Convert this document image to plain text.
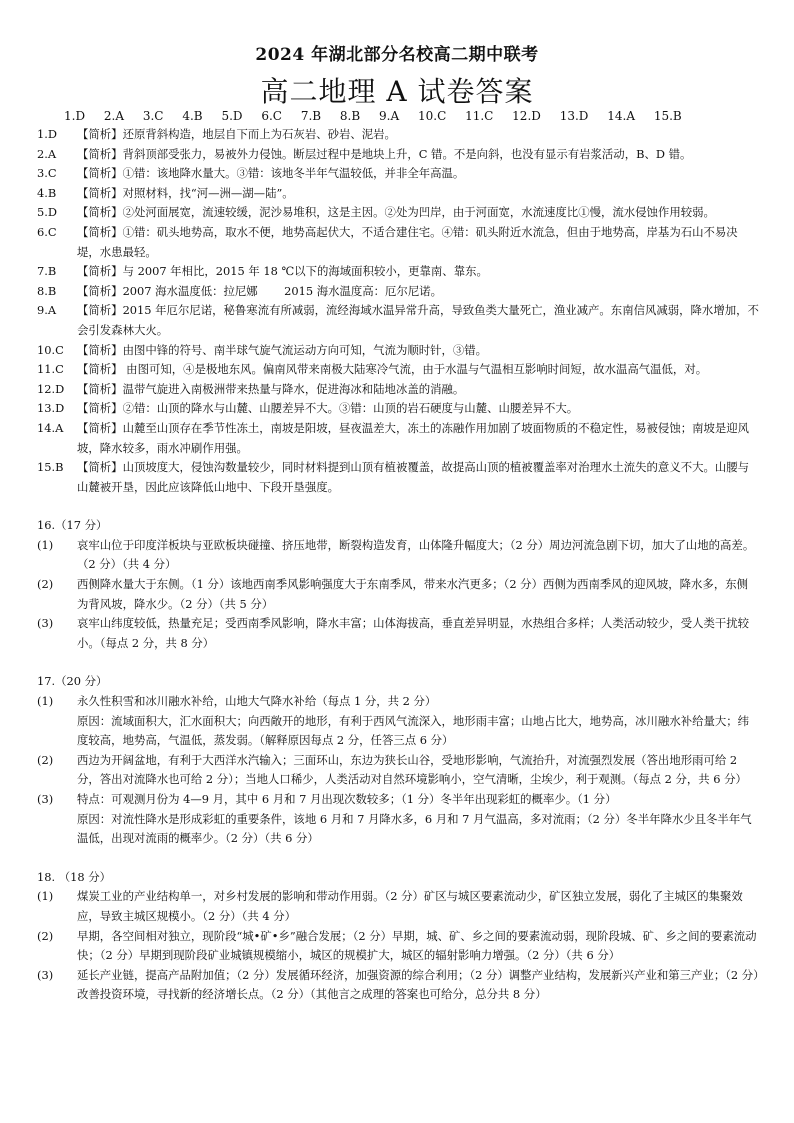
2024 年湖北部分名校高二期中联考
高二地理 A 试卷答案
1.D 2.A 3.C 4.B 5.D 6.C 7.B 8.B 9.A 10.C 11.C 12.D 13.D 14.A 15.B
1.D 【简析】还原背斜构造，地层自下而上为石灰岩、砂岩、泥岩。
2.A 【简析】背斜顶部受张力，易被外力侵蚀。断层过程中是地块上升，C 错。不是向斜，也没有显示有岩浆活动，B、D 错。
3.C 【简析】①错：该地降水量大。③错：该地冬半年气温较低，并非全年高温。
4.B 【简析】对照材料，找“河—洲—湖—陆”。
5.D 【简析】②处河面展宽，流速较缓，泥沙易堆积，这是主因。②处为凹岸，由于河面宽，水流速度比①慢，流水侵蚀作用较弱。
6.C 【简析】①错：矶头地势高，取水不便，地势高起伏大，不适合建住宅。④错：矶头附近水流急，但由于地势高，岸基为石山不易决堤，水患最轻。
7.B 【简析】与 2007 年相比，2015 年 18 ℃以下的海域面积较小，更靠南、靠东。
8.B 【简析】2007 海水温度低：拉尼娜　　 2015 海水温度高：厄尔尼诺。
9.A 【简析】2015 年厄尔尼诺，秘鲁寒流有所减弱，流经海域水温异常升高，导致鱼类大量死亡，渔业减产。东南信风减弱，降水增加，不会引发森林大火。
10.C 【简析】由图中锋的符号、南半球气旋气流运动方向可知，气流为顺时针，③错。
11.C 【简析】 由图可知，④是极地东风。偏南风带来南极大陆寒冷气流，由于水温与气温相互影响时间短，故水温高气温低，对。
12.D 【简析】温带气旋进入南极洲带来热量与降水，促进海冰和陆地冰盖的消融。
13.D 【简析】②错：山顶的降水与山麓、山腰差异不大。③错：山顶的岩石硬度与山麓、山腰差异不大。
14.A 【简析】山麓至山顶存在季节性冻土，南坡是阳坡，昼夜温差大，冻土的冻融作用加剧了坡面物质的不稳定性，易被侵蚀；南坡是迎风坡，降水较多，雨水冲刷作用强。
15.B 【简析】山顶坡度大，侵蚀沟数量较少，同时材料提到山顶有植被覆盖，故提高山顶的植被覆盖率对治理水土流失的意义不大。山腰与山麓被开垦，因此应该降低山地中、下段开垦强度。
16.（17 分）
(1) 哀牢山位于印度洋板块与亚欧板块碰撞、挤压地带，断裂构造发育，山体隆升幅度大；（2 分）周边河流急剧下切，加大了山地的高差。（2 分）（共 4 分）
(2) 西侧降水量大于东侧。（1 分）该地西南季风影响强度大于东南季风，带来水汽更多；（2 分）西侧为西南季风的迎风坡，降水多，东侧为背风坡，降水少。（2 分）（共 5 分）
(3) 哀牢山纬度较低，热量充足；受西南季风影响，降水丰富；山体海拔高，垂直差异明显，水热组合多样；人类活动较少，受人类干扰较小。（每点 2 分，共 8 分）
17.（20 分）
(1) 永久性积雪和冰川融水补给，山地大气降水补给（每点 1 分，共 2 分）
原因：流域面积大，汇水面积大；向西敞开的地形，有利于西风气流深入，地形雨丰富；山地占比大，地势高，冰川融水补给量大；纬度较高，地势高，气温低，蒸发弱。（解释原因每点 2 分，任答三点 6 分）
(2) 西边为开阔盆地，有利于大西洋水汽输入；三面环山，东边为狭长山谷，受地形影响，气流抬升，对流强烈发展（答出地形雨可给 2 分，答出对流降水也可给 2 分）；当地人口稀少，人类活动对自然环境影响小，空气清晰，尘埃少，利于观测。（每点 2 分，共 6 分）
(3) 特点：可观测月份为 4—9 月，其中 6 月和 7 月出现次数较多；（1 分）冬半年出现彩虹的概率少。（1 分）
原因：对流性降水是形成彩虹的重要条件，该地 6 月和 7 月降水多，6 月和 7 月气温高，多对流雨；（2 分）冬半年降水少且冬半年气温低，出现对流雨的概率少。（2 分）（共 6 分）
18. （18 分）
(1) 煤炭工业的产业结构单一，对乡村发展的影响和带动作用弱。（2 分）矿区与城区要素流动少，矿区独立发展，弱化了主城区的集聚效应，导致主城区规模小。（2 分）（共 4 分）
(2) 早期，各空间相对独立，现阶段“城•矿•乡”融合发展；（2 分）早期，城、矿、乡之间的要素流动弱，现阶段城、矿、乡之间的要素流动快；（2 分）早期到现阶段矿业城镇规模缩小，城区的规模扩大，城区的辐射影响力增强。（2 分）（共 6 分）
(3) 延长产业链，提高产品附加值；（2 分）发展循环经济，加强资源的综合利用；（2 分）调整产业结构，发展新兴产业和第三产业；（2 分）改善投资环境，寻找新的经济增长点。（2 分）（其他言之成理的答案也可给分，总分共 8 分）
